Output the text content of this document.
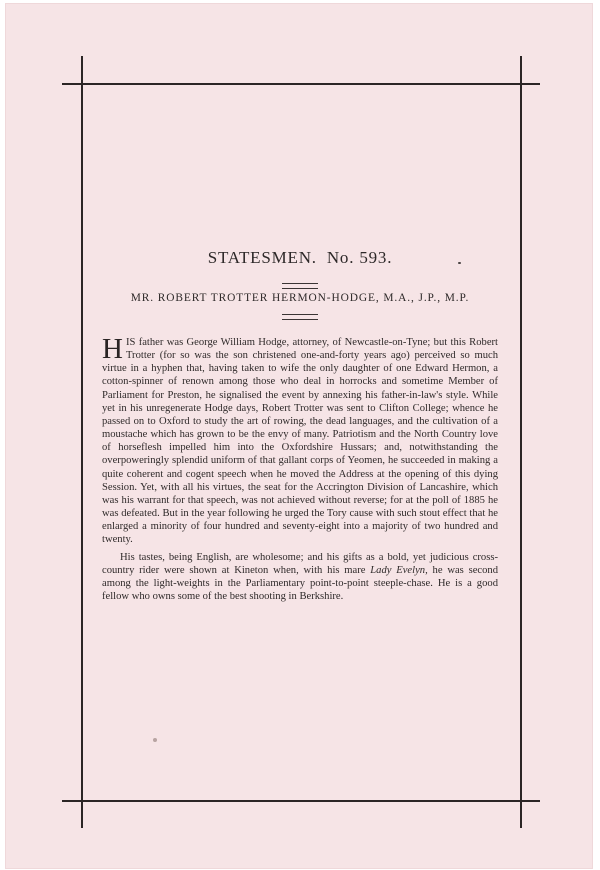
STATESMEN. No. 593.
MR. ROBERT TROTTER HERMON-HODGE, M.A., J.P., M.P.

HIS father was George William Hodge, attorney, of Newcastle-on-Tyne; but this Robert Trotter (for so was the son christened one-and-forty years ago) perceived so much virtue in a hyphen that, having taken to wife the only daughter of one Edward Hermon, a cotton-spinner of renown among those who deal in horrocks and sometime Member of Parliament for Preston, he signalised the event by annexing his father-in-law's style. While yet in his unregenerate Hodge days, Robert Trotter was sent to Clifton College; whence he passed on to Oxford to study the art of rowing, the dead languages, and the cultivation of a moustache which has grown to be the envy of many. Patriotism and the North Country love of horseflesh impelled him into the Oxfordshire Hussars; and, notwithstanding the overpoweringly splendid uniform of that gallant corps of Yeomen, he succeeded in making a quite coherent and cogent speech when he moved the Address at the opening of this dying Session. Yet, with all his virtues, the seat for the Accrington Division of Lancashire, which was his warrant for that speech, was not achieved without reverse; for at the poll of 1885 he was defeated. But in the year following he urged the Tory cause with such stout effect that he enlarged a minority of four hundred and seventy-eight into a majority of two hundred and twenty.

His tastes, being English, are wholesome; and his gifts as a bold, yet judicious cross-country rider were shown at Kineton when, with his mare Lady Evelyn, he was second among the light-weights in the Parliamentary point-to-point steeple-chase. He is a good fellow who owns some of the best shooting in Berkshire.
